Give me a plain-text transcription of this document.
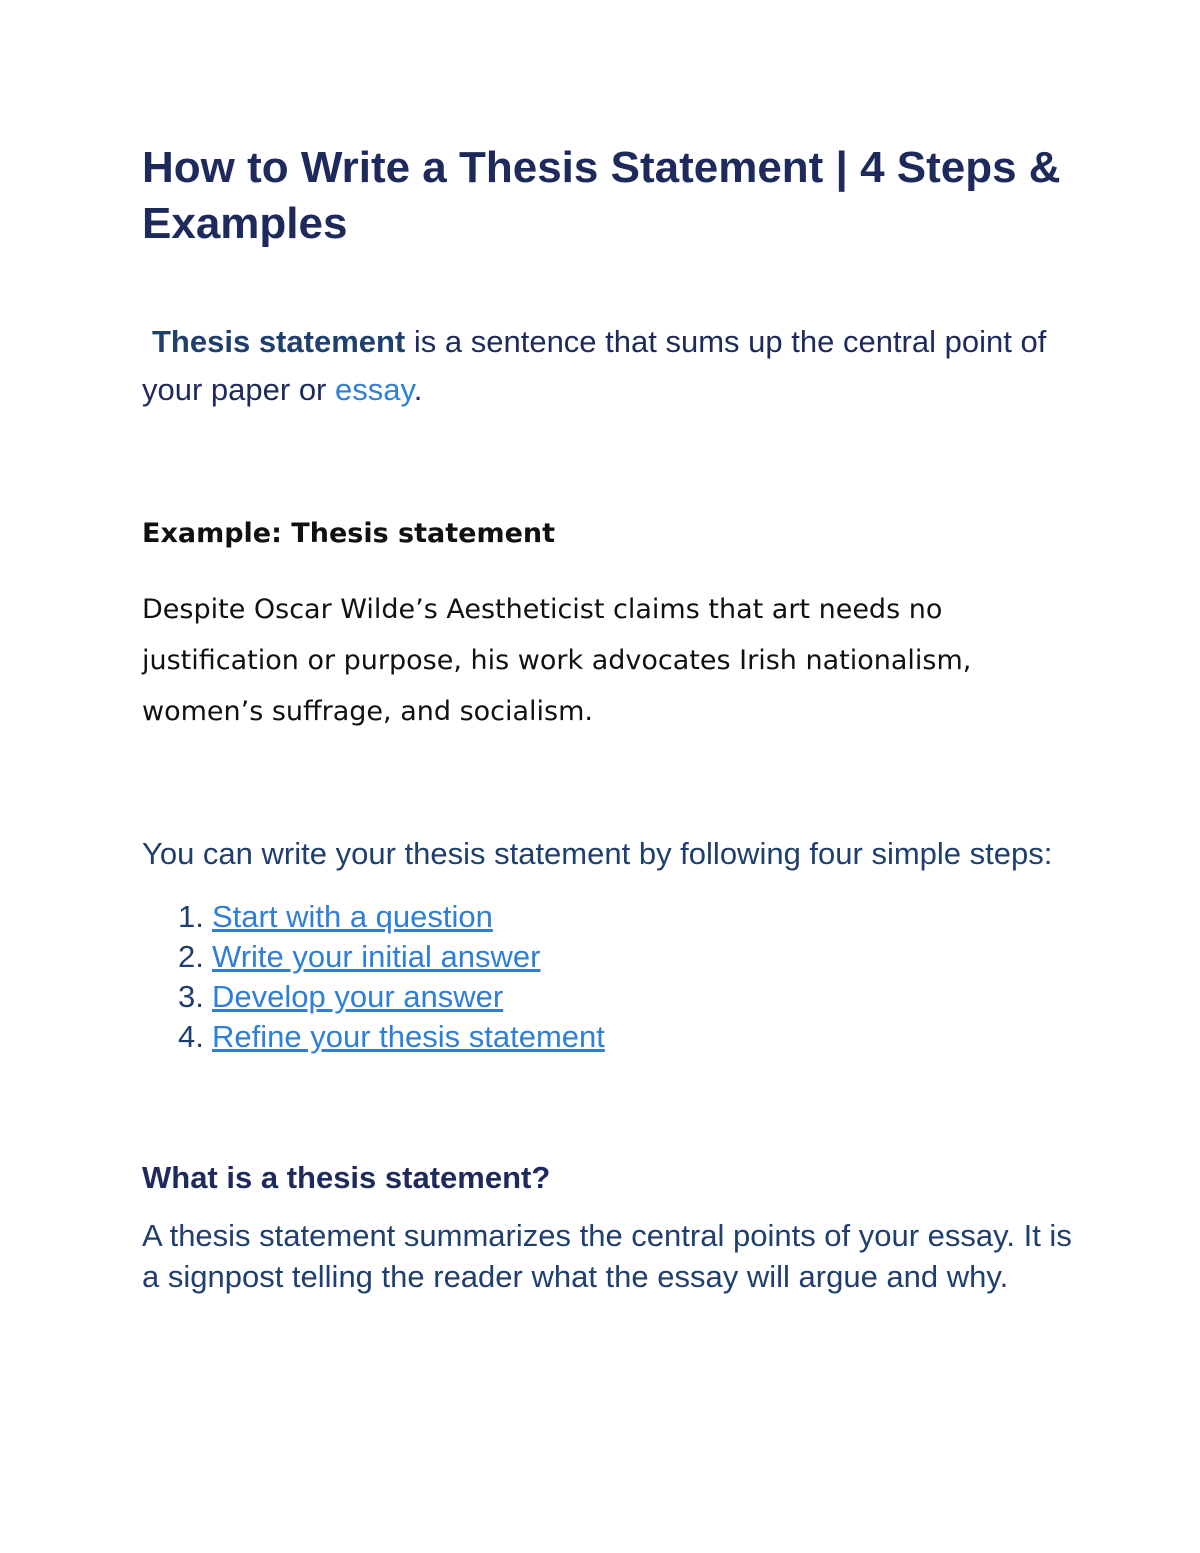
How to Write a Thesis Statement | 4 Steps & Examples

Thesis statement is a sentence that sums up the central point of your paper or essay.

Example: Thesis statement

Despite Oscar Wilde’s Aestheticist claims that art needs no justification or purpose, his work advocates Irish nationalism, women’s suffrage, and socialism.

You can write your thesis statement by following four simple steps:

1. Start with a question
2. Write your initial answer
3. Develop your answer
4. Refine your thesis statement
What is a thesis statement?

A thesis statement summarizes the central points of your essay. It is a signpost telling the reader what the essay will argue and why.
